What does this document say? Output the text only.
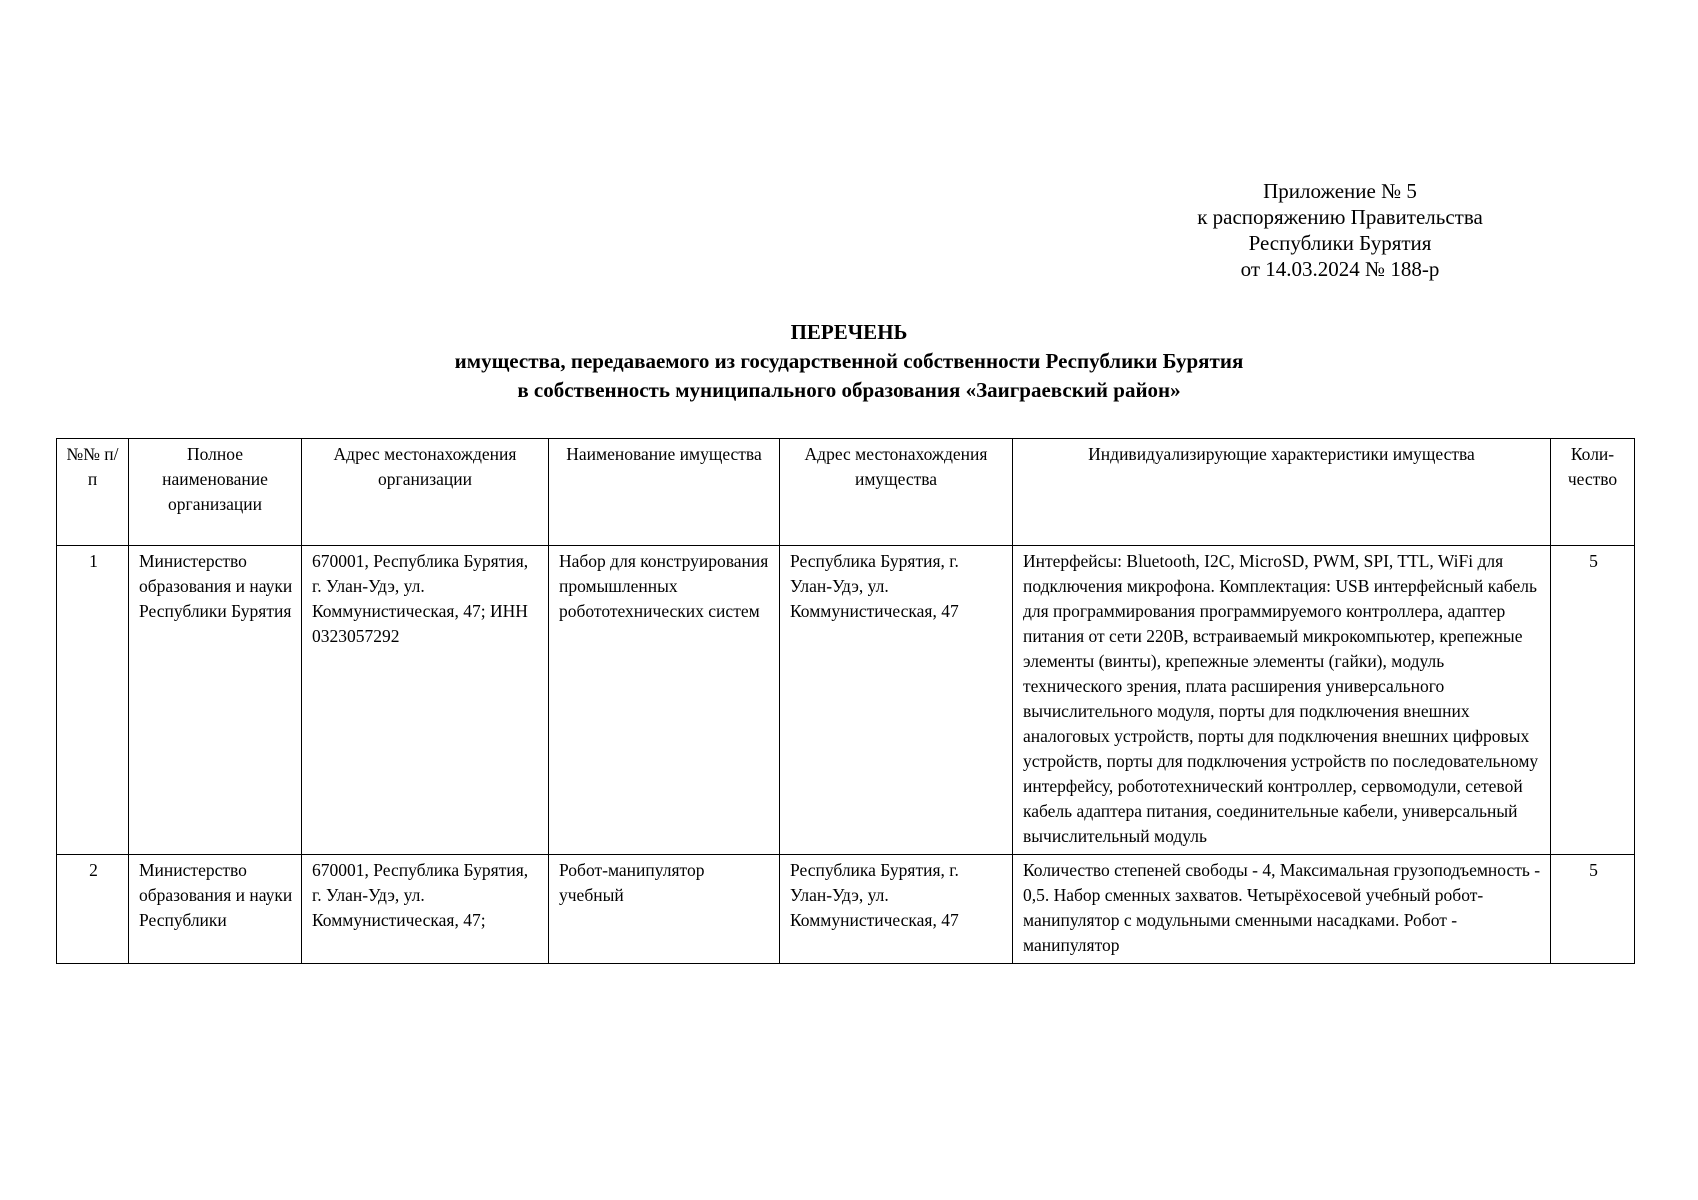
Приложение № 5
к распоряжению Правительства
Республики Бурятия
от 14.03.2024 № 188-р
ПЕРЕЧЕНЬ
имущества, передаваемого из государственной собственности Республики Бурятия
в собственность муниципального образования «Заиграевский район»
№№ п/п	Полное наименование организации	Адрес местонахождения организации	Наименование имущества	Адрес местонахождения имущества	Индивидуализирующие характеристики имущества	Коли-чество
1	Министерство образования и науки Республики Бурятия	670001, Республика Бурятия, г. Улан-Удэ, ул. Коммунистическая, 47; ИНН 0323057292	Набор для конструирования промышленных робототехнических систем	Республика Бурятия, г. Улан-Удэ, ул. Коммунистическая, 47	Интерфейсы: Bluetooth, I2C, MicroSD, PWM, SPI, TTL, WiFi для подключения микрофона. Комплектация: USB интерфейсный кабель для программирования программируемого контроллера, адаптер питания от сети 220В, встраиваемый микрокомпьютер, крепежные элементы (винты), крепежные элементы (гайки), модуль технического зрения, плата расширения универсального вычислительного модуля, порты для подключения внешних аналоговых устройств, порты для подключения внешних цифровых устройств, порты для подключения устройств по последовательному интерфейсу, робототехнический контроллер, сервомодули, сетевой кабель адаптера питания, соединительные кабели, универсальный вычислительный модуль	5
2	Министерство образования и науки Республики	670001, Республика Бурятия, г. Улан-Удэ, ул. Коммунистическая, 47;	Робот-манипулятор учебный	Республика Бурятия, г. Улан-Удэ, ул. Коммунистическая, 47	Количество степеней свободы - 4, Максимальная грузоподъемность - 0,5. Набор сменных захватов. Четырёхосевой учебный робот-манипулятор с модульными сменными насадками. Робот - манипулятор	5
